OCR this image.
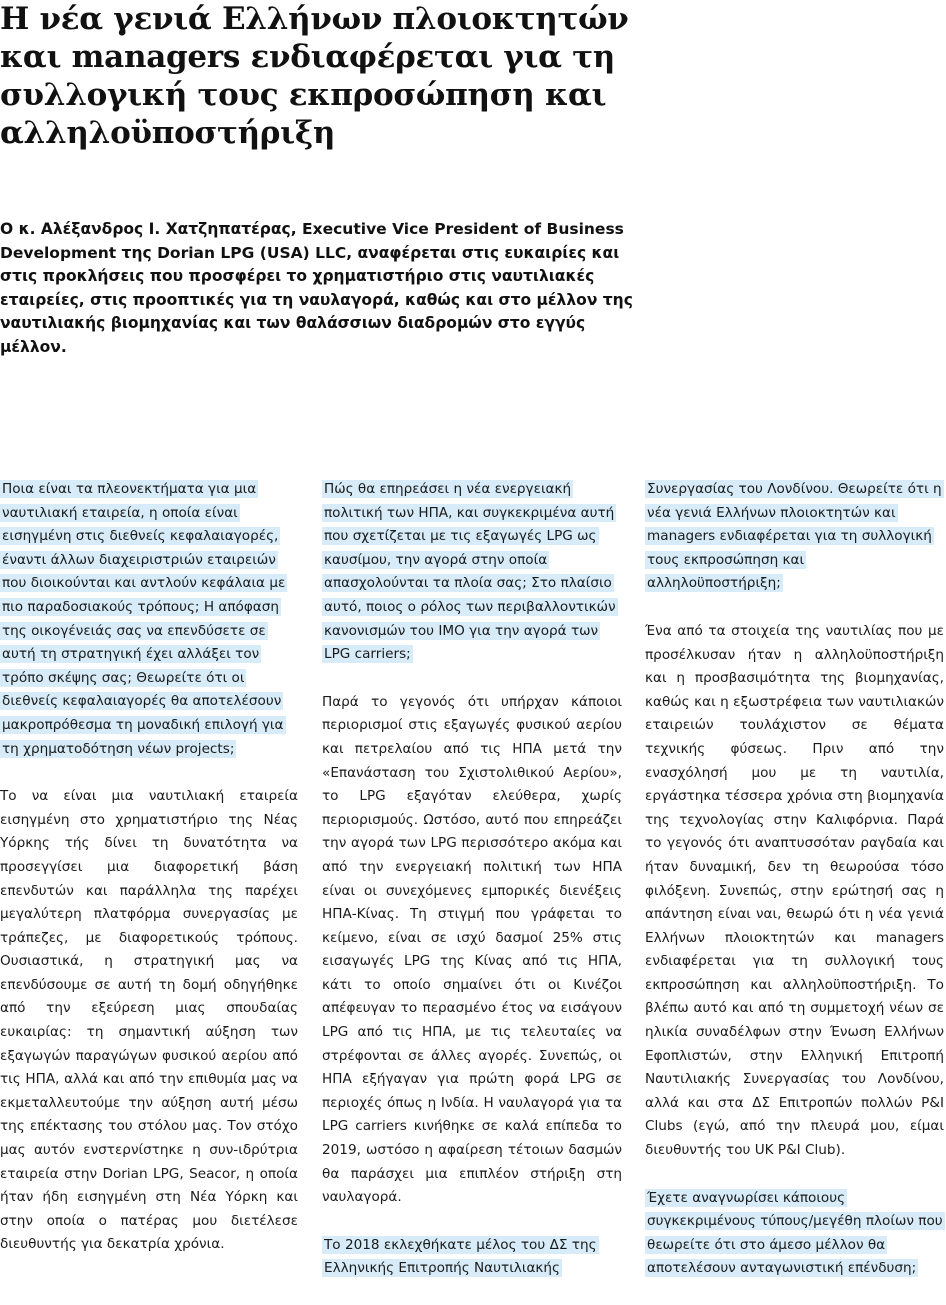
Η νέα γενιά Ελλήνων πλοιοκτητών και managers ενδιαφέρεται για τη συλλογική τους εκπροσώπηση και αλληλοϋποστήριξη

Ο κ. Αλέξανδρος Ι. Χατζηπατέρας, Executive Vice President of Business Development της Dorian LPG (USA) LLC, αναφέρεται στις ευκαιρίες και στις προκλήσεις που προσφέρει το χρηματιστήριο στις ναυτιλιακές εταιρείες, στις προοπτικές για τη ναυλαγορά, καθώς και στο μέλλον της ναυτιλιακής βιομηχανίας και των θαλάσσιων διαδρομών στο εγγύς μέλλον.

Ποια είναι τα πλεονεκτήματα για μια ναυτιλιακή εταιρεία, η οποία είναι εισηγμένη στις διεθνείς κεφαλαιαγορές, έναντι άλλων διαχειριστριών εταιρειών που διοικούνται και αντλούν κεφάλαια με πιο παραδοσιακούς τρόπους; Η απόφαση της οικογένειάς σας να επενδύσετε σε αυτή τη στρατηγική έχει αλλάξει τον τρόπο σκέψης σας; Θεωρείτε ότι οι διεθνείς κεφαλαιαγορές θα αποτελέσουν μακροπρόθεσμα τη μοναδική επιλογή για τη χρηματοδότηση νέων projects;

Το να είναι μια ναυτιλιακή εταιρεία εισηγμένη στο χρηματιστήριο της Νέας Υόρκης τής δίνει τη δυνατότητα να προσεγγίσει μια διαφορετική βάση επενδυτών και παράλληλα της παρέχει μεγαλύτερη πλατφόρμα συνεργασίας με τράπεζες, με διαφορετικούς τρόπους. Ουσιαστικά, η στρατηγική μας να επενδύσουμε σε αυτή τη δομή οδηγήθηκε από την εξεύρεση μιας σπουδαίας ευκαιρίας: τη σημαντική αύξηση των εξαγωγών παραγώγων φυσικού αερίου από τις ΗΠΑ, αλλά και από την επιθυμία μας να εκμεταλλευτούμε την αύξηση αυτή μέσω της επέκτασης του στόλου μας. Τον στόχο μας αυτόν ενστερνίστηκε η συν-ιδρύτρια εταιρεία στην Dorian LPG, Seacor, η οποία ήταν ήδη εισηγμένη στη Νέα Υόρκη και στην οποία ο πατέρας μου διετέλεσε διευθυντής για δεκατρία χρόνια.

Πώς θα επηρεάσει η νέα ενεργειακή πολιτική των ΗΠΑ, και συγκεκριμένα αυτή που σχετίζεται με τις εξαγωγές LPG ως καυσίμου, την αγορά στην οποία απασχολούνται τα πλοία σας; Στο πλαίσιο αυτό, ποιος ο ρόλος των περιβαλλοντικών κανονισμών του IMO για την αγορά των LPG carriers;

Παρά το γεγονός ότι υπήρχαν κάποιοι περιορισμοί στις εξαγωγές φυσικού αερίου και πετρελαίου από τις ΗΠΑ μετά την «Επανάσταση του Σχιστολιθικού Αερίου», το LPG εξαγόταν ελεύθερα, χωρίς περιορισμούς. Ωστόσο, αυτό που επηρεάζει την αγορά των LPG περισσότερο ακόμα και από την ενεργειακή πολιτική των ΗΠΑ είναι οι συνεχόμενες εμπορικές διενέξεις ΗΠΑ-Κίνας. Τη στιγμή που γράφεται το κείμενο, είναι σε ισχύ δασμοί 25% στις εισαγωγές LPG της Κίνας από τις ΗΠΑ, κάτι το οποίο σημαίνει ότι οι Κινέζοι απέφευγαν το περασμένο έτος να εισάγουν LPG από τις ΗΠΑ, με τις τελευταίες να στρέφονται σε άλλες αγορές. Συνεπώς, οι ΗΠΑ εξήγαγαν για πρώτη φορά LPG σε περιοχές όπως η Ινδία. Η ναυλαγορά για τα LPG carriers κινήθηκε σε καλά επίπεδα το 2019, ωστόσο η αφαίρεση τέτοιων δασμών θα παράσχει μια επιπλέον στήριξη στη ναυλαγορά.

Το 2018 εκλεχθήκατε μέλος του ΔΣ της Ελληνικής Επιτροπής Ναυτιλιακής

Συνεργασίας του Λονδίνου. Θεωρείτε ότι η νέα γενιά Ελλήνων πλοιοκτητών και managers ενδιαφέρεται για τη συλλογική τους εκπροσώπηση και αλληλοϋποστήριξη;

Ένα από τα στοιχεία της ναυτιλίας που με προσέλκυσαν ήταν η αλληλοϋποστήριξη και η προσβασιμότητα της βιομηχανίας, καθώς και η εξωστρέφεια των ναυτιλιακών εταιρειών τουλάχιστον σε θέματα τεχνικής φύσεως. Πριν από την ενασχόλησή μου με τη ναυτιλία, εργάστηκα τέσσερα χρόνια στη βιομηχανία της τεχνολογίας στην Καλιφόρνια. Παρά το γεγονός ότι αναπτυσσόταν ραγδαία και ήταν δυναμική, δεν τη θεωρούσα τόσο φιλόξενη. Συνεπώς, στην ερώτησή σας η απάντηση είναι ναι, θεωρώ ότι η νέα γενιά Ελλήνων πλοιοκτητών και managers ενδιαφέρεται για τη συλλογική τους εκπροσώπηση και αλληλοϋποστήριξη. Το βλέπω αυτό και από τη συμμετοχή νέων σε ηλικία συναδέλφων στην Ένωση Ελλήνων Εφοπλιστών, στην Ελληνική Επιτροπή Ναυτιλιακής Συνεργασίας του Λονδίνου, αλλά και στα ΔΣ Επιτροπών πολλών P&I Clubs (εγώ, από την πλευρά μου, είμαι διευθυντής του UK P&I Club).

Έχετε αναγνωρίσει κάποιους συγκεκριμένους τύπους/μεγέθη πλοίων που θεωρείτε ότι στο άμεσο μέλλον θα αποτελέσουν ανταγωνιστική επένδυση;
